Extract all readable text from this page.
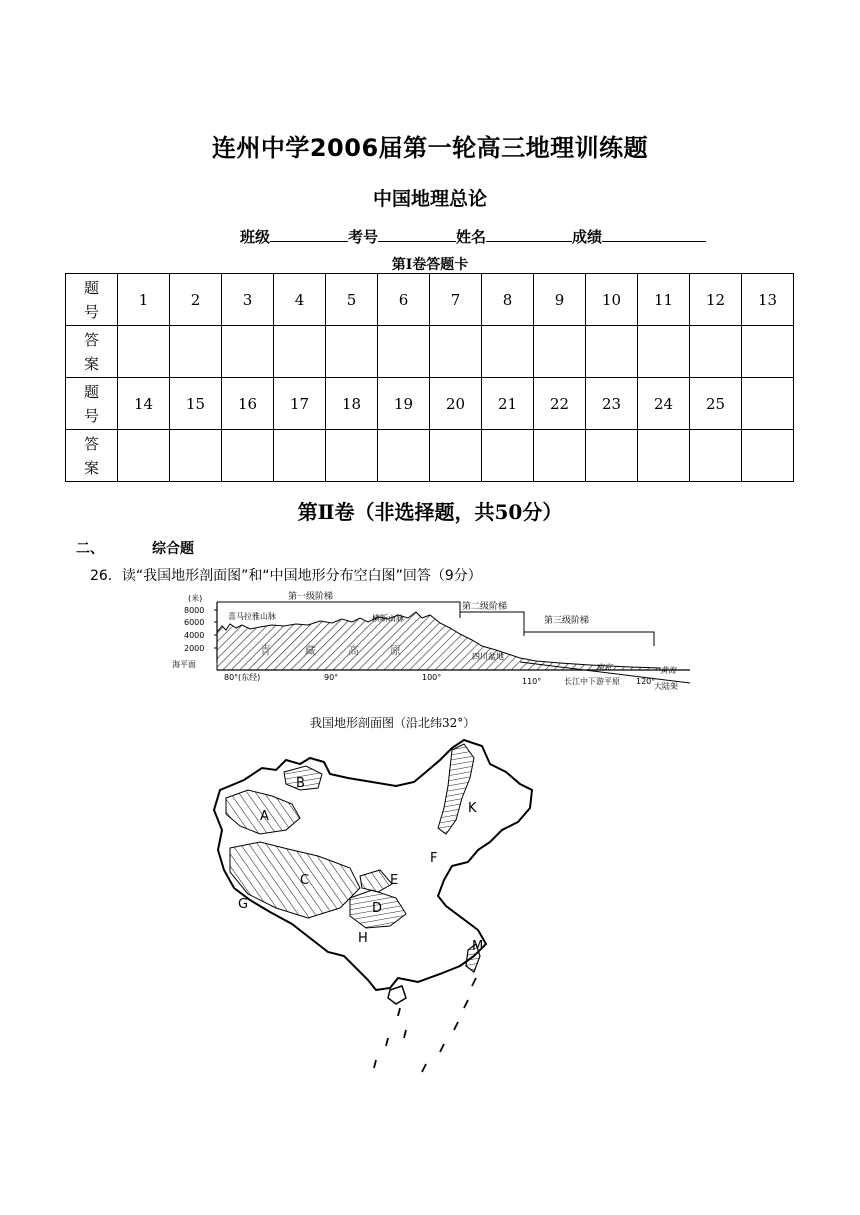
连州中学2006届第一轮高三地理训练题
中国地理总论
班级	考号	姓名	成绩
第Ⅰ卷答题卡
题
号	1	2	3	4	5	6	7	8	9	10	11	12	13
答
案													
题
号	14	15	16	17	18	19	20	21	22	23	24	25	
答
案													
第Ⅱ卷（非选择题，共50分）
二、	综合题
26．读“我国地形剖面图”和“中国地形分布空白图”回答（9分）
(米)
8000
6000
4000
2000
海平面
第一级阶梯
第二级阶梯
第三级阶梯
喜马拉雅山脉	横断山脉
四川盆地
南京	黄海
长江中下游平原
大陆架
青	藏	高	原
80° (东经)	90°	100°	110°	120°
我国地形剖面图（沿北纬32°）
B
A
C
D
E
F
G
H
K
M
